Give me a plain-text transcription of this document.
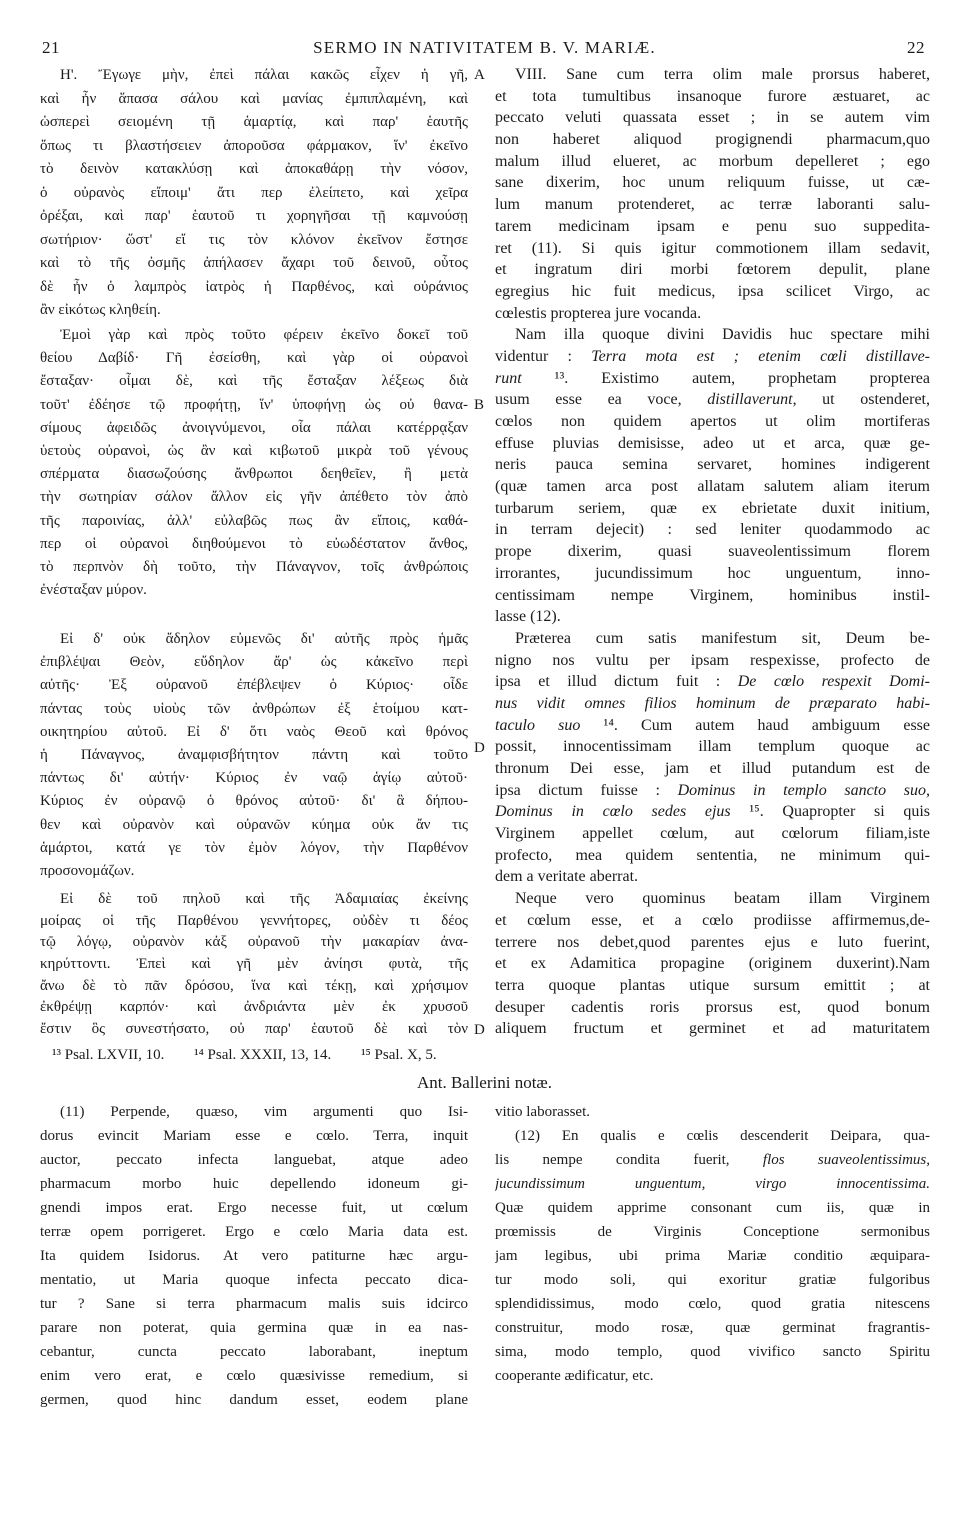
21	SERMO IN NATIVITATEM B. V. MARIÆ.	22
Η'. Ἔγωγε μὴν, ἐπεὶ πάλαι κακῶς εἶχεν ἡ γῆ,
καὶ ἦν ἅπασα σάλου καὶ μανίας ἐμπιπλαμένη, καὶ
ὡσπερεὶ σειομένη τῇ ἁμαρτίᾳ, καὶ παρ' ἑαυτῆς
ὅπως τι βλαστήσειεν ἀποροῦσα φάρμακον, ἵν' ἐκεῖνο
τὸ δεινὸν κατακλύσῃ καὶ ἀποκαθάρῃ τὴν νόσον,
ὁ οὐρανὸς εἴποιμ' ἄτι περ ἐλείπετο, καὶ χεῖρα
ὀρέξαι, καὶ παρ' ἑαυτοῦ τι χορηγῆσαι τῇ καμνούσῃ
σωτήριον· ὥστ' εἴ τις τὸν κλόνον ἐκεῖνον ἔστησε
καὶ τὸ τῆς ὀσμῆς ἀπήλασεν ἄχαρι τοῦ δεινοῦ, οὗτος
δὲ ἦν ὁ λαμπρὸς ἰατρὸς ἡ Παρθένος, καὶ οὐράνιος
ἂν εἰκότως κληθείη.
Ἐμοὶ γὰρ καὶ πρὸς τοῦτο φέρειν ἐκεῖνο δοκεῖ τοῦ
θείου Δαβίδ· Γῆ ἐσείσθη, καὶ γὰρ οἱ οὐρανοὶ
ἔσταξαν· οἶμαι δὲ, καὶ τῆς ἔσταξαν λέξεως διὰ
τοῦτ' ἐδέησε τῷ προφήτῃ, ἵν' ὑποφήνῃ ὡς οὐ θανα-
σίμους ἀφειδῶς ἀνοιγνύμενοι, οἷα πάλαι κατέρρᾳξαν
ὑετοὺς οὐρανοὶ, ὡς ἂν καὶ κιβωτοῦ μικρὰ τοῦ γένους
σπέρματα διασωζούσης ἄνθρωποι δεηθεῖεν, ἢ μετὰ
τὴν σωτηρίαν σάλον ἄλλον εἰς γῆν ἀπέθετο τὸν ἀπὸ
τῆς παροινίας, ἀλλ' εὐλαβῶς πως ἂν εἴποις, καθά-
περ οἱ οὐρανοὶ διηθούμενοι τὸ εὐωδέστατον ἄνθος,
τὸ περπνὸν δὴ τοῦτο, τὴν Πάναγνον, τοῖς ἀνθρώποις
ἐνέσταξαν μύρον.
Εἰ δ' οὐκ ἄδηλον εὐμενῶς δι' αὐτῆς πρὸς ἡμᾶς
ἐπιβλέψαι Θεὸν, εὔδηλον ἄρ' ὡς κἀκεῖνο περὶ
αὐτῆς· Ἐξ οὐρανοῦ ἐπέβλεψεν ὁ Κύριος· οἶδε
πάντας τοὺς υἱοὺς τῶν ἀνθρώπων ἐξ ἑτοίμου κατ-
οικητηρίου αὐτοῦ. Εἰ δ' ὅτι ναὸς Θεοῦ καὶ θρόνος
ἡ Πάναγνος, ἀναμφισβήτητον πάντη καὶ τοῦτο
πάντως δι' αὐτήν· Κύριος ἐν ναῷ ἁγίῳ αὐτοῦ·
Κύριος ἐν οὐρανῷ ὁ θρόνος αὐτοῦ· δι' ἃ δήπου-
θεν καὶ οὐρανὸν καὶ οὐρανῶν κύημα οὐκ ἄν τις
ἁμάρτοι, κατά γε τὸν ἐμὸν λόγον, τὴν Παρθένον
προσονομάζων.
Εἰ δὲ τοῦ πηλοῦ καὶ τῆς Ἀδαμιαίας ἐκείνης
μοίρας οἱ τῆς Παρθένου γεννήτορες, οὐδὲν τι δέος
τῷ λόγῳ, οὐρανὸν κἀξ οὐρανοῦ τὴν μακαρίαν ἀνα-
κηρύττοντι. Ἐπεὶ καὶ γῆ μὲν ἀνίησι φυτὰ, τῆς
ἄνω δὲ τὸ πᾶν δρόσου, ἵνα καὶ τέκῃ, καὶ χρήσιμον
ἐκθρέψῃ καρπόν· καὶ ἀνδριάντα μὲν ἐκ χρυσοῦ
ἔστιν ὃς συνεστήσατο, οὐ παρ' ἑαυτοῦ δὲ καὶ τὸν
A
B
D
D
VIII. Sane cum terra olim male prorsus haberet,
et tota tumultibus insanoque furore æstuaret, ac
peccato veluti quassata esset ; in se autem vim
non haberet aliquod progignendi pharmacum,quo
malum illud elueret, ac morbum depelleret ; ego
sane dixerim, hoc unum reliquum fuisse, ut cæ-
lum manum protenderet, ac terræ laboranti salu-
tarem medicinam ipsam e penu suo suppedita-
ret (11). Si quis igitur commotionem illam sedavit,
et ingratum diri morbi fœtorem depulit, plane
egregius hic fuit medicus, ipsa scilicet Virgo, ac
cœlestis propterea jure vocanda.
Nam illa quoque divini Davidis huc spectare mihi
videntur : Terra mota est ; etenim cœli distillave-
runt ¹³. Existimo autem, prophetam propterea
usum esse ea voce, distillaverunt, ut ostenderet,
cœlos non quidem apertos ut olim mortiferas
effuse pluvias demisisse, adeo ut et arca, quæ ge-
neris pauca semina servaret, homines indigerent
(quæ tamen arca post allatam salutem aliam iterum
turbarum seriem, quæ ex ebrietate duxit initium,
in terram dejecit) : sed leniter quodammodo ac
prope dixerim, quasi suaveolentissimum florem
irrorantes, jucundissimum hoc unguentum, inno-
centissimam nempe Virginem, hominibus instil-
lasse (12).
Præterea cum satis manifestum sit, Deum be-
nigno nos vultu per ipsam respexisse, profecto de
ipsa et illud dictum fuit : De cœlo respexit Domi-
nus vidit omnes filios hominum de præparato habi-
taculo suo ¹⁴. Cum autem haud ambiguum esse
possit, innocentissimam illam templum quoque ac
thronum Dei esse, jam et illud putandum est de
ipsa dictum fuisse : Dominus in templo sancto suo,
Dominus in cœlo sedes ejus ¹⁵. Quapropter si quis
Virginem appellet cœlum, aut cœlorum filiam,iste
profecto, mea quidem sententia, ne minimum qui-
dem a veritate aberrat.
Neque vero quominus beatam illam Virginem
et cœlum esse, et a cœlo prodiisse affirmemus,de-
terrere nos debet,quod parentes ejus e luto fuerint,
et ex Adamitica propagine (originem duxerint).Nam
terra quoque plantas utique sursum emittit ; at
desuper cadentis roris prorsus est, quod bonum
aliquem fructum et germinet et ad maturitatem
¹³ Psal. LXVII, 10. ¹⁴ Psal. XXXII, 13, 14. ¹⁵ Psal. X, 5.
Ant. Ballerini notæ.
(11) Perpende, quæso, vim argumenti quo Isi-
dorus evincit Mariam esse e cœlo. Terra, inquit
auctor, peccato infecta languebat, atque adeo
pharmacum morbo huic depellendo idoneum gi-
gnendi impos erat. Ergo necesse fuit, ut cœlum
terræ opem porrigeret. Ergo e cœlo Maria data est.
Ita quidem Isidorus. At vero patiturne hæc argu-
mentatio, ut Maria quoque infecta peccato dica-
tur ? Sane si terra pharmacum malis suis idcirco
parare non poterat, quia germina quæ in ea nas-
cebantur, cuncta peccato laborabant, ineptum
enim vero erat, e cœlo quæsivisse remedium, si
germen, quod hinc dandum esset, eodem plane
vitio laborasset.
(12) En qualis e cœlis descenderit Deipara, qua-
lis nempe condita fuerit, flos suaveolentissimus,
jucundissimum unguentum, virgo innocentissima.
Quæ quidem apprime consonant cum iis, quæ in
prœmissis de Virginis Conceptione sermonibus
jam legibus, ubi prima Mariæ conditio æquipara-
tur modo soli, qui exoritur gratiæ fulgoribus
splendidissimus, modo cœlo, quod gratia nitescens
construitur, modo rosæ, quæ germinat fragrantis-
sima, modo templo, quod vivifico sancto Spiritu
cooperante ædificatur, etc.
